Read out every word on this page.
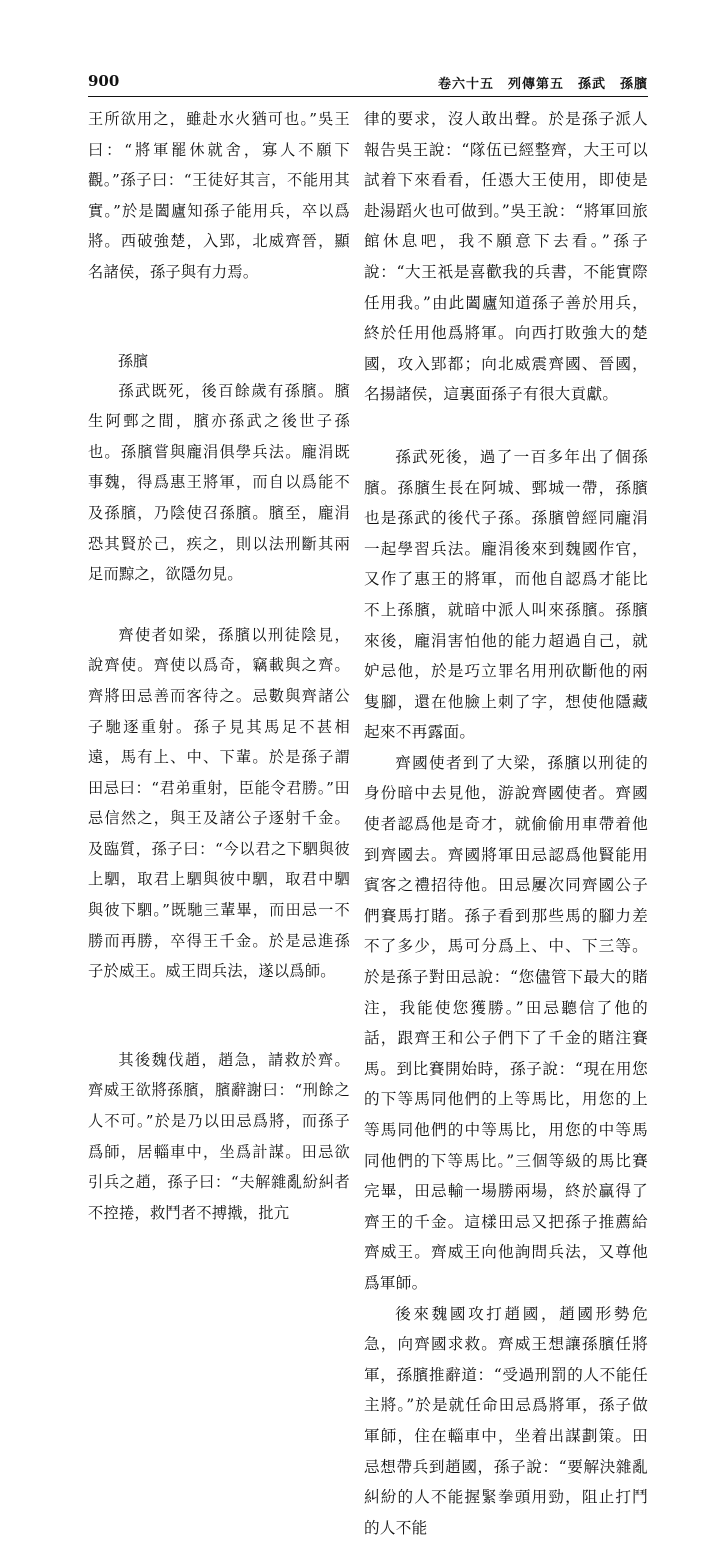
900	卷六十五　列傳第五　孫武　孫臏

王所欲用之，雖赴水火猶可也。”吳王曰：“將軍罷休就舍，寡人不願下觀。”孫子曰：“王徒好其言，不能用其實。”於是闔廬知孫子能用兵，卒以爲將。西破強楚，入郢，北威齊晉，顯名諸侯，孫子與有力焉。

孫臏

孫武既死，後百餘歲有孫臏。臏生阿鄄之間，臏亦孫武之後世子孫也。孫臏嘗與龐涓俱學兵法。龐涓既事魏，得爲惠王將軍，而自以爲能不及孫臏，乃陰使召孫臏。臏至，龐涓恐其賢於己，疾之，則以法刑斷其兩足而黥之，欲隱勿見。

齊使者如梁，孫臏以刑徒陰見，說齊使。齊使以爲奇，竊載與之齊。齊將田忌善而客待之。忌數與齊諸公子馳逐重射。孫子見其馬足不甚相遠，馬有上、中、下輩。於是孫子謂田忌曰：“君弟重射，臣能令君勝。”田忌信然之，與王及諸公子逐射千金。及臨質，孫子曰：“今以君之下駟與彼上駟，取君上駟與彼中駟，取君中駟與彼下駟。”既馳三輩畢，而田忌一不勝而再勝，卒得王千金。於是忌進孫子於威王。威王問兵法，遂以爲師。

其後魏伐趙，趙急，請救於齊。齊威王欲將孫臏，臏辭謝曰：“刑餘之人不可。”於是乃以田忌爲將，而孫子爲師，居輜車中，坐爲計謀。田忌欲引兵之趙，孫子曰：“夫解雜亂紛糾者不控捲，救鬥者不搏撠，批亢

律的要求，沒人敢出聲。於是孫子派人報告吳王說：“隊伍已經整齊，大王可以試着下來看看，任憑大王使用，即使是赴湯蹈火也可做到。”吳王說：“將軍回旅館休息吧，我不願意下去看。”孫子說：“大王祇是喜歡我的兵書，不能實際任用我。”由此闔廬知道孫子善於用兵，終於任用他爲將軍。向西打敗強大的楚國，攻入郢都；向北威震齊國、晉國，名揚諸侯，這裏面孫子有很大貢獻。

孫武死後，過了一百多年出了個孫臏。孫臏生長在阿城、鄄城一帶，孫臏也是孫武的後代子孫。孫臏曾經同龐涓一起學習兵法。龐涓後來到魏國作官，又作了惠王的將軍，而他自認爲才能比不上孫臏，就暗中派人叫來孫臏。孫臏來後，龐涓害怕他的能力超過自己，就妒忌他，於是巧立罪名用刑砍斷他的兩隻腳，還在他臉上刺了字，想使他隱藏起來不再露面。

齊國使者到了大梁，孫臏以刑徒的身份暗中去見他，游說齊國使者。齊國使者認爲他是奇才，就偷偷用車帶着他到齊國去。齊國將軍田忌認爲他賢能用賓客之禮招待他。田忌屢次同齊國公子們賽馬打賭。孫子看到那些馬的腳力差不了多少，馬可分爲上、中、下三等。於是孫子對田忌說：“您儘管下最大的賭注，我能使您獲勝。”田忌聽信了他的話，跟齊王和公子們下了千金的賭注賽馬。到比賽開始時，孫子說：“現在用您的下等馬同他們的上等馬比，用您的上等馬同他們的中等馬比，用您的中等馬同他們的下等馬比。”三個等級的馬比賽完畢，田忌輸一場勝兩場，終於贏得了齊王的千金。這樣田忌又把孫子推薦給齊威王。齊威王向他詢問兵法，又尊他爲軍師。

後來魏國攻打趙國，趙國形勢危急，向齊國求救。齊威王想讓孫臏任將軍，孫臏推辭道：“受過刑罰的人不能任主將。”於是就任命田忌爲將軍，孫子做軍師，住在輜車中，坐着出謀劃策。田忌想帶兵到趙國，孫子說：“要解決雜亂糾紛的人不能握緊拳頭用勁，阻止打鬥的人不能
